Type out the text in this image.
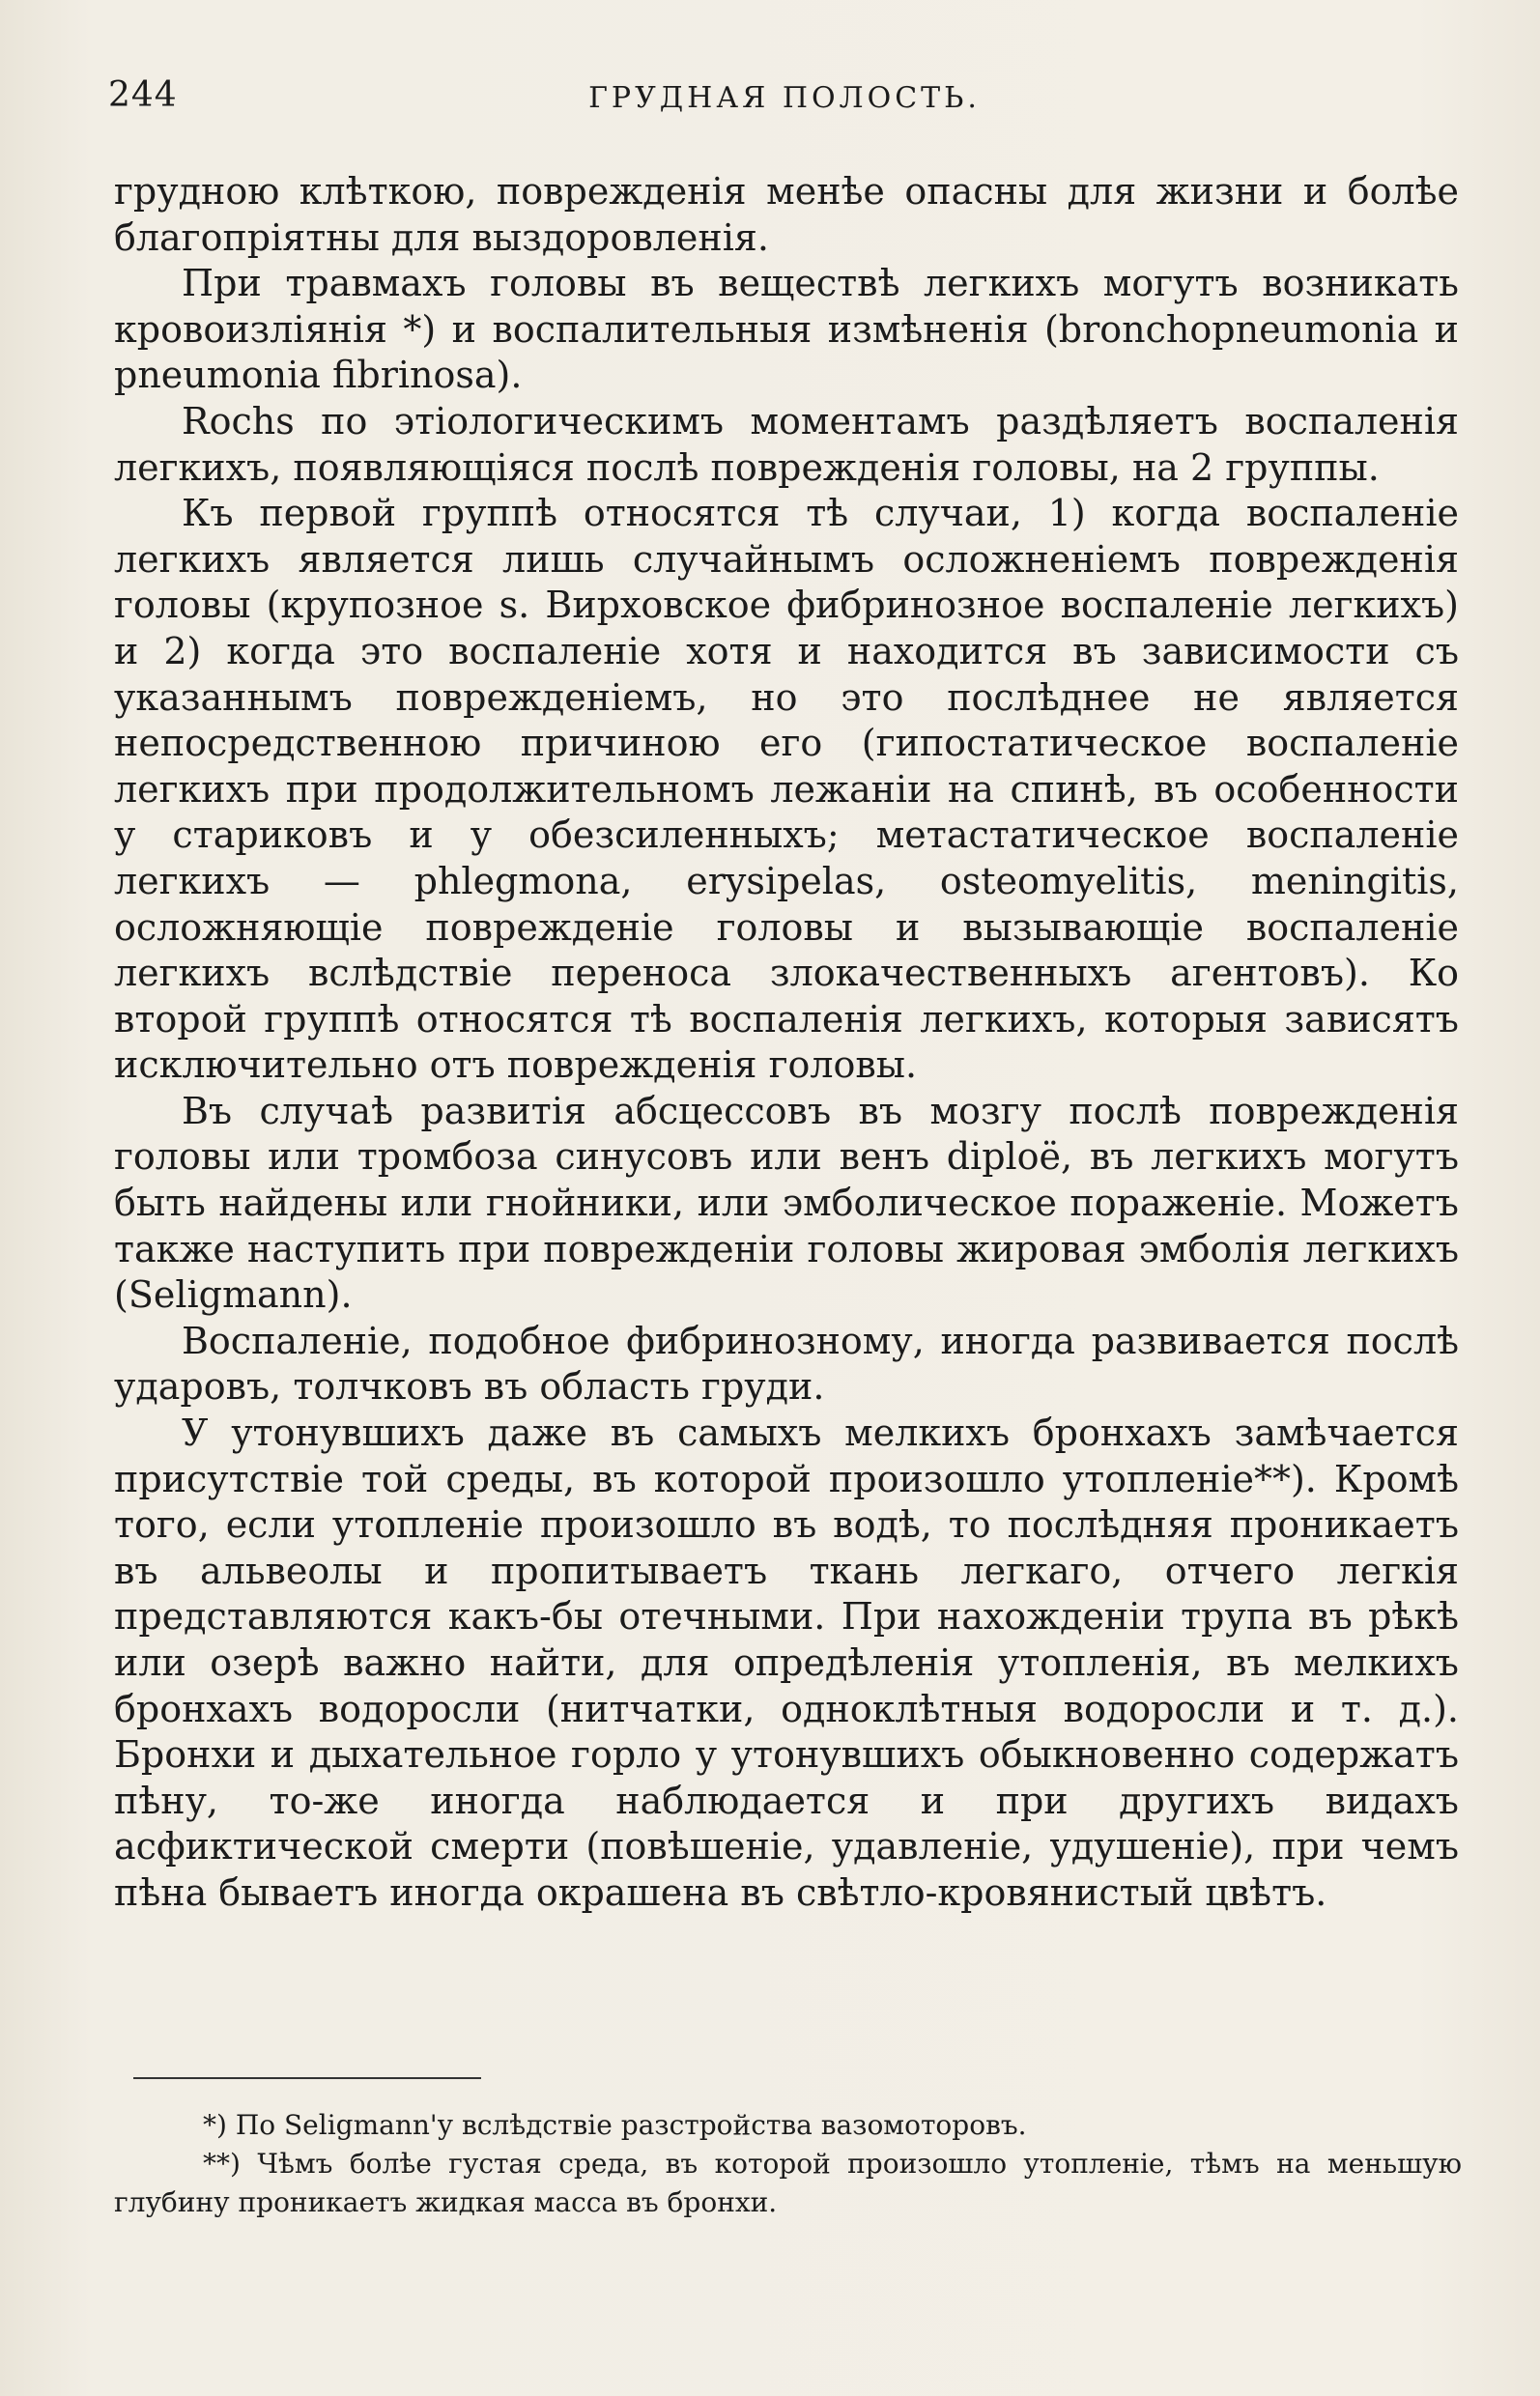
244	ГРУДНАЯ ПОЛОСТЬ.

грудною клѣткою, поврежденія менѣе опасны для жизни и болѣе благопріятны для выздоровленія.

При травмахъ головы въ веществѣ легкихъ могутъ возникать кровоизліянія *) и воспалительныя измѣненія (bronchopneumonia и pneumonia fibrinosa).

Rochs по этіологическимъ моментамъ раздѣляетъ воспаленія легкихъ, появляющіяся послѣ поврежденія головы, на 2 группы.

Къ первой группѣ относятся тѣ случаи, 1) когда воспаленіе легкихъ является лишь случайнымъ осложненіемъ поврежденія головы (крупозное s. Вирховское фибринозное воспаленіе легкихъ) и 2) когда это воспаленіе хотя и находится въ зависимости съ указаннымъ поврежденіемъ, но это послѣднее не является непосредственною причиною его (гипостатическое воспаленіе легкихъ при продолжительномъ лежаніи на спинѣ, въ особенности у стариковъ и у обезсиленныхъ; метастатическое воспаленіе легкихъ — phlegmona, erysipelas, osteomyelitis, meningitis, осложняющіе поврежденіе головы и вызывающіе воспаленіе легкихъ вслѣдствіе переноса злокачественныхъ агентовъ). Ко второй группѣ относятся тѣ воспаленія легкихъ, которыя зависятъ исключительно отъ поврежденія головы.

Въ случаѣ развитія абсцессовъ въ мозгу послѣ поврежденія головы или тромбоза синусовъ или венъ diploë, въ легкихъ могутъ быть найдены или гнойники, или эмболическое пораженіе. Можетъ также наступить при поврежденіи головы жировая эмболія легкихъ (Seligmann).

Воспаленіе, подобное фибринозному, иногда развивается послѣ ударовъ, толчковъ въ область груди.

У утонувшихъ даже въ самыхъ мелкихъ бронхахъ замѣчается присутствіе той среды, въ которой произошло утопленіе**). Кромѣ того, если утопленіе произошло въ водѣ, то послѣдняя проникаетъ въ альвеолы и пропитываетъ ткань легкаго, отчего легкія представляются какъ-бы отечными. При нахожденіи трупа въ рѣкѣ или озерѣ важно найти, для опредѣленія утопленія, въ мелкихъ бронхахъ водоросли (нитчатки, одноклѣтныя водоросли и т. д.). Бронхи и дыхательное горло у утонувшихъ обыкновенно содержатъ пѣну, то-же иногда наблюдается и при другихъ видахъ асфиктической смерти (повѣшеніе, удавленіе, удушеніе), при чемъ пѣна бываетъ иногда окрашена въ свѣтло-кровянистый цвѣтъ.

*) По Seligmann'у вслѣдствіе разстройства вазомоторовъ.

**) Чѣмъ болѣе густая среда, въ которой произошло утопленіе, тѣмъ на меньшую глубину проникаетъ жидкая масса въ бронхи.
